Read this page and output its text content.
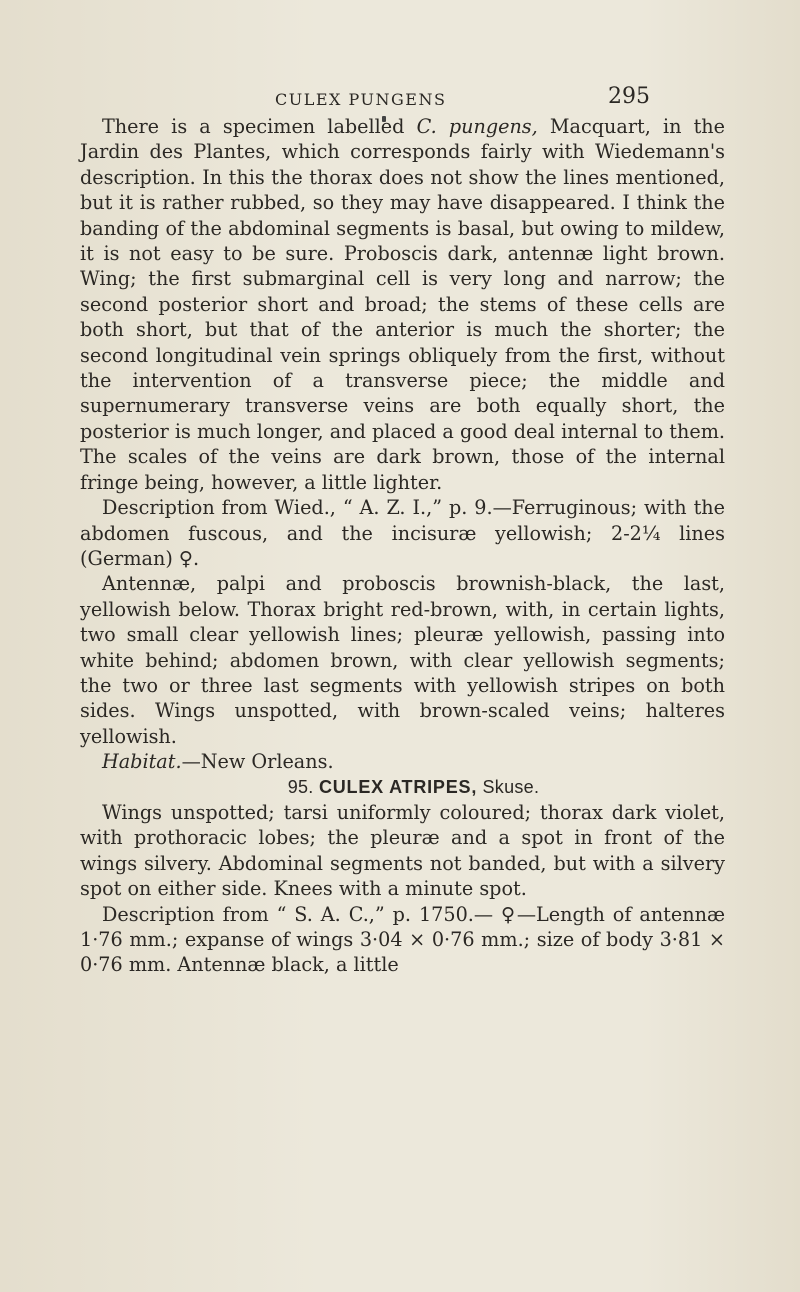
CULEX PUNGENS	295

There is a specimen labelled C. pungens, Macquart, in the Jardin des Plantes, which corresponds fairly with Wiedemann's description. In this the thorax does not show the lines mentioned, but it is rather rubbed, so they may have disappeared. I think the banding of the abdominal segments is basal, but owing to mildew, it is not easy to be sure. Proboscis dark, antennæ light brown. Wing; the first submarginal cell is very long and narrow; the second posterior short and broad; the stems of these cells are both short, but that of the anterior is much the shorter; the second longitudinal vein springs obliquely from the first, without the intervention of a transverse piece; the middle and supernumerary transverse veins are both equally short, the posterior is much longer, and placed a good deal internal to them. The scales of the veins are dark brown, those of the internal fringe being, however, a little lighter.

Description from Wied., “ A. Z. I.,” p. 9.—Ferruginous; with the abdomen fuscous, and the incisuræ yellowish; 2-2¼ lines (German) ♀.

Antennæ, palpi and proboscis brownish-black, the last, yellowish below. Thorax bright red-brown, with, in certain lights, two small clear yellowish lines; pleuræ yellowish, passing into white behind; abdomen brown, with clear yellowish segments; the two or three last segments with yellowish stripes on both sides. Wings unspotted, with brown-scaled veins; halteres yellowish.

Habitat.—New Orleans.

95. CULEX ATRIPES, Skuse.

Wings unspotted; tarsi uniformly coloured; thorax dark violet, with prothoracic lobes; the pleuræ and a spot in front of the wings silvery. Abdominal segments not banded, but with a silvery spot on either side. Knees with a minute spot.

Description from “ S. A. C.,” p. 1750.— ♀—Length of antennæ 1·76 mm.; expanse of wings 3·04 × 0·76 mm.; size of body 3·81 × 0·76 mm. Antennæ black, a little
